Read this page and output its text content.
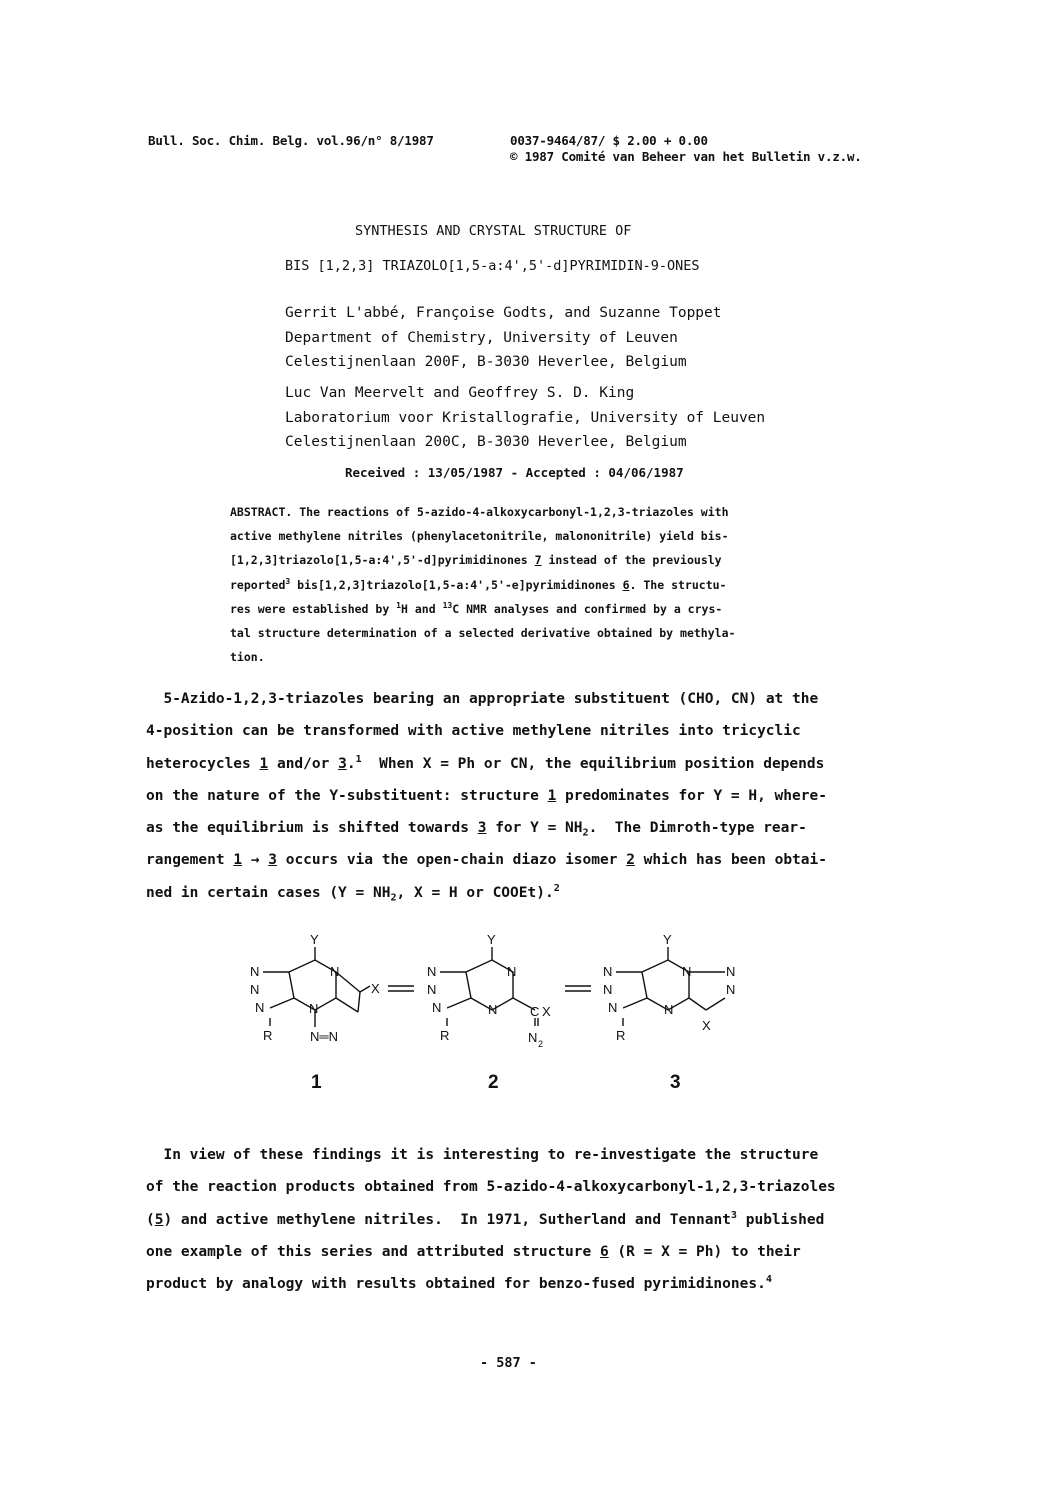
Bull. Soc. Chim. Belg. vol.96/n° 8/1987	0037-9464/87/ $ 2.00 + 0.00
© 1987 Comité van Beheer van het Bulletin v.z.w.
SYNTHESIS AND CRYSTAL STRUCTURE OF
BIS [1,2,3] TRIAZOLO[1,5-a:4',5'-d]PYRIMIDIN-9-ONES
Gerrit L'abbé, Françoise Godts, and Suzanne Toppet
Department of Chemistry, University of Leuven
Celestijnenlaan 200F, B-3030 Heverlee, Belgium
Luc Van Meervelt and Geoffrey S. D. King
Laboratorium voor Kristallografie, University of Leuven
Celestijnenlaan 200C, B-3030 Heverlee, Belgium
Received : 13/05/1987 - Accepted : 04/06/1987
ABSTRACT. The reactions of 5-azido-4-alkoxycarbonyl-1,2,3-triazoles with
active methylene nitriles (phenylacetonitrile, malononitrile) yield bis-
[1,2,3]triazolo[1,5-a:4',5'-d]pyrimidinones 7 instead of the previously
reported$^3$ bis[1,2,3]triazolo[1,5-a:4',5'-e]pyrimidinones 6. The structu-
res were established by $^1$H and $^{13}$C NMR analyses and confirmed by a crys-
tal structure determination of a selected derivative obtained by methyla-
tion.
5-Azido-1,2,3-triazoles bearing an appropriate substituent (CHO, CN) at the
4-position can be transformed with active methylene nitriles into tricyclic
heterocycles 1 and/or 3.$^1$  When X = Ph or CN, the equilibrium position depends
on the nature of the Y-substituent: structure 1 predominates for Y = H, where-
as the equilibrium is shifted towards 3 for $Y = NH_2$.  The Dimroth-type rear-
rangement 1 → 3 occurs via the open-chain diazo isomer 2 which has been obtai-
ned in certain cases ($Y = NH_2$, X = H or COOEt).$^2$
Y
N	N
N
N	N
X
R	N═N
Y
N	N
N
N	N	C X
R	N 2
Y
N	N	N
N	N
N	N
X
R
1	2	3
In view of these findings it is interesting to re-investigate the structure
of the reaction products obtained from 5-azido-4-alkoxycarbonyl-1,2,3-triazoles
(5) and active methylene nitriles.  In 1971, Sutherland and Tennant$^3$ published
one example of this series and attributed structure 6 (R = X = Ph) to their
product by analogy with results obtained for benzo-fused pyrimidinones.$^4$
- 587 -
